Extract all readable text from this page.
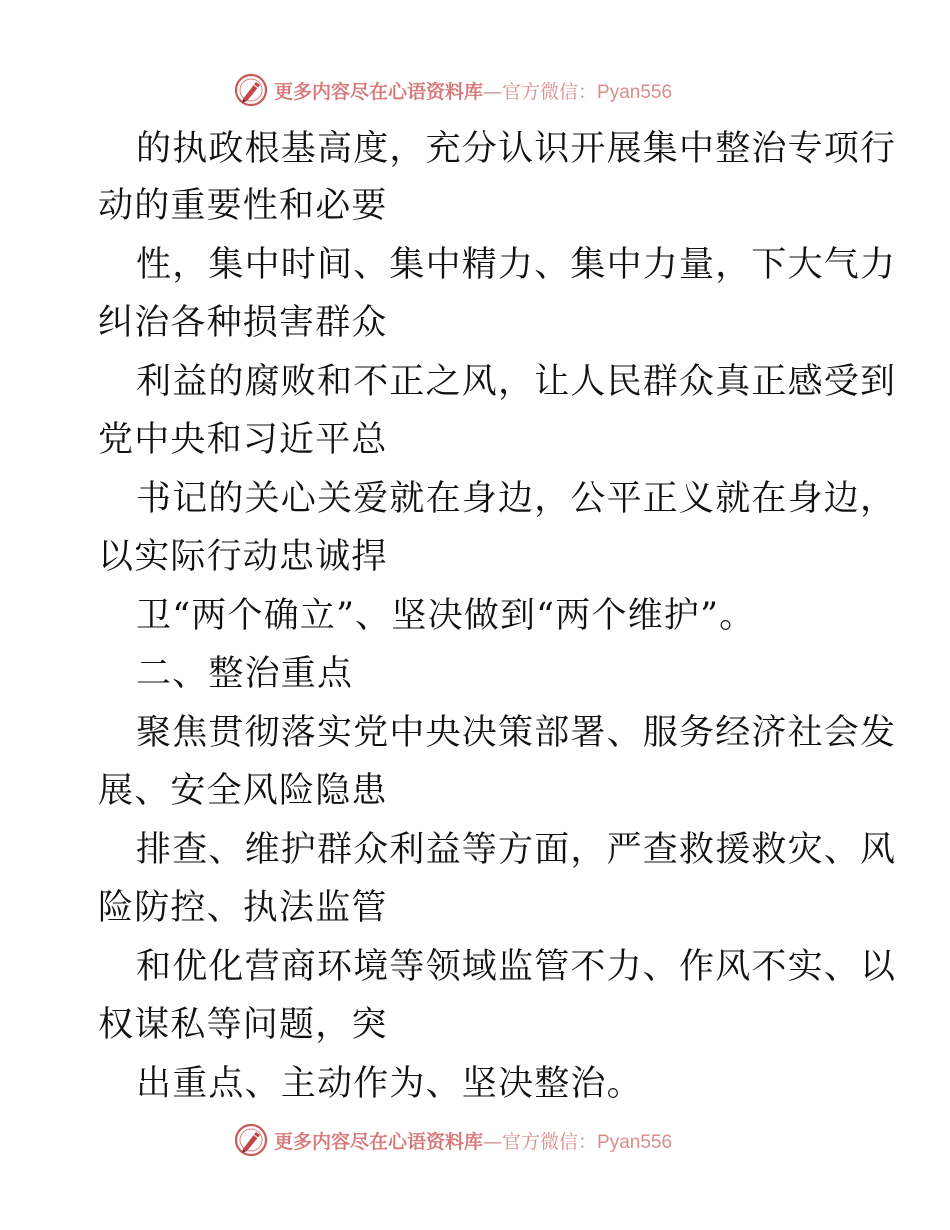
更多内容尽在心语资料库—官方微信：Pyan556
的执政根基高度，充分认识开展集中整治专项行
动的重要性和必要
性，集中时间、集中精力、集中力量，下大气力
纠治各种损害群众
利益的腐败和不正之风，让人民群众真正感受到
党中央和习近平总
书记的关心关爱就在身边，公平正义就在身边，
以实际行动忠诚捍
卫“两个确立”、坚决做到“两个维护”。
二、整治重点
聚焦贯彻落实党中央决策部署、服务经济社会发
展、安全风险隐患
排查、维护群众利益等方面，严查救援救灾、风
险防控、执法监管
和优化营商环境等领域监管不力、作风不实、以
权谋私等问题，突
出重点、主动作为、坚决整治。
更多内容尽在心语资料库—官方微信：Pyan556
